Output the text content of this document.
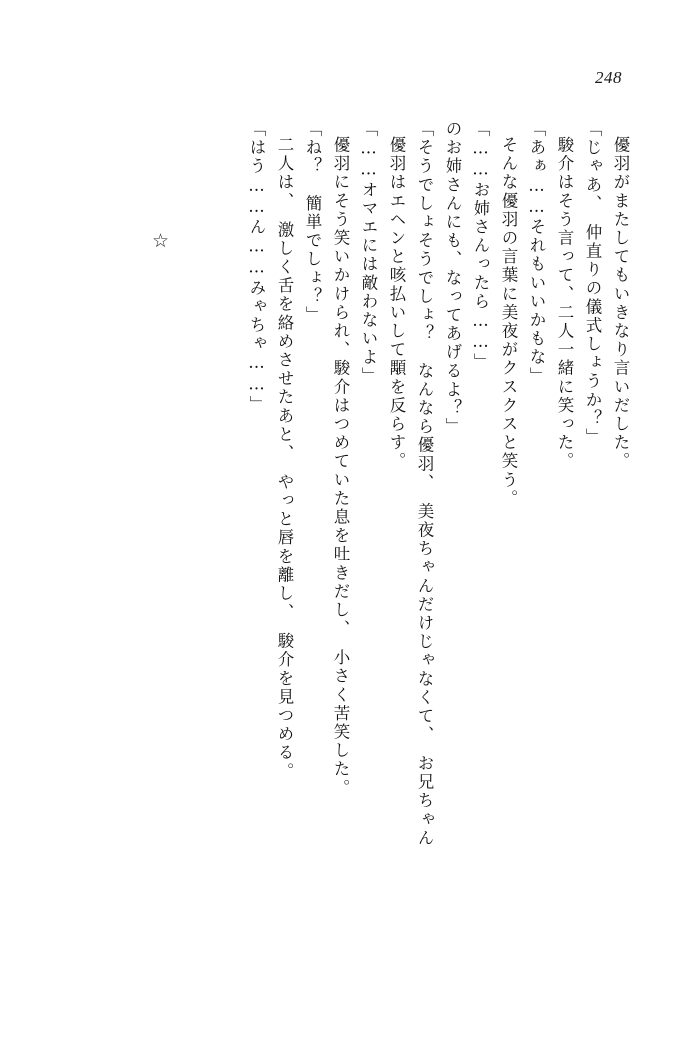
248
「はう……ん……みゃちゃ……」 二人は、　激しく舌を絡めさせたあと、　やっと唇を離し、　駿介を見つめる。 「ね？　簡単でしょ？」 優羽にそう笑いかけられ、駿介はつめていた息を吐きだし、　小さく苦笑した。 「……オマエには敵わないよ」 優羽はエヘンと咳払いして顒を反らす。 「そうでしょそうでしょ？　なんなら優羽、　美夜ちゃんだけじゃなくて、　お兄ちゃん のお姉さんにも、なってあげるよ？」 「……お姉さんったら……」 そんな優羽の言葉に美夜がクスクスと笑う。 「あぁ……それもいいかもな」 駿介はそう言って、二人一緒に笑った。 「じゃあ、　仲直りの儀式しょうか？」 優羽がまたしてもいきなり言いだした。
☆
